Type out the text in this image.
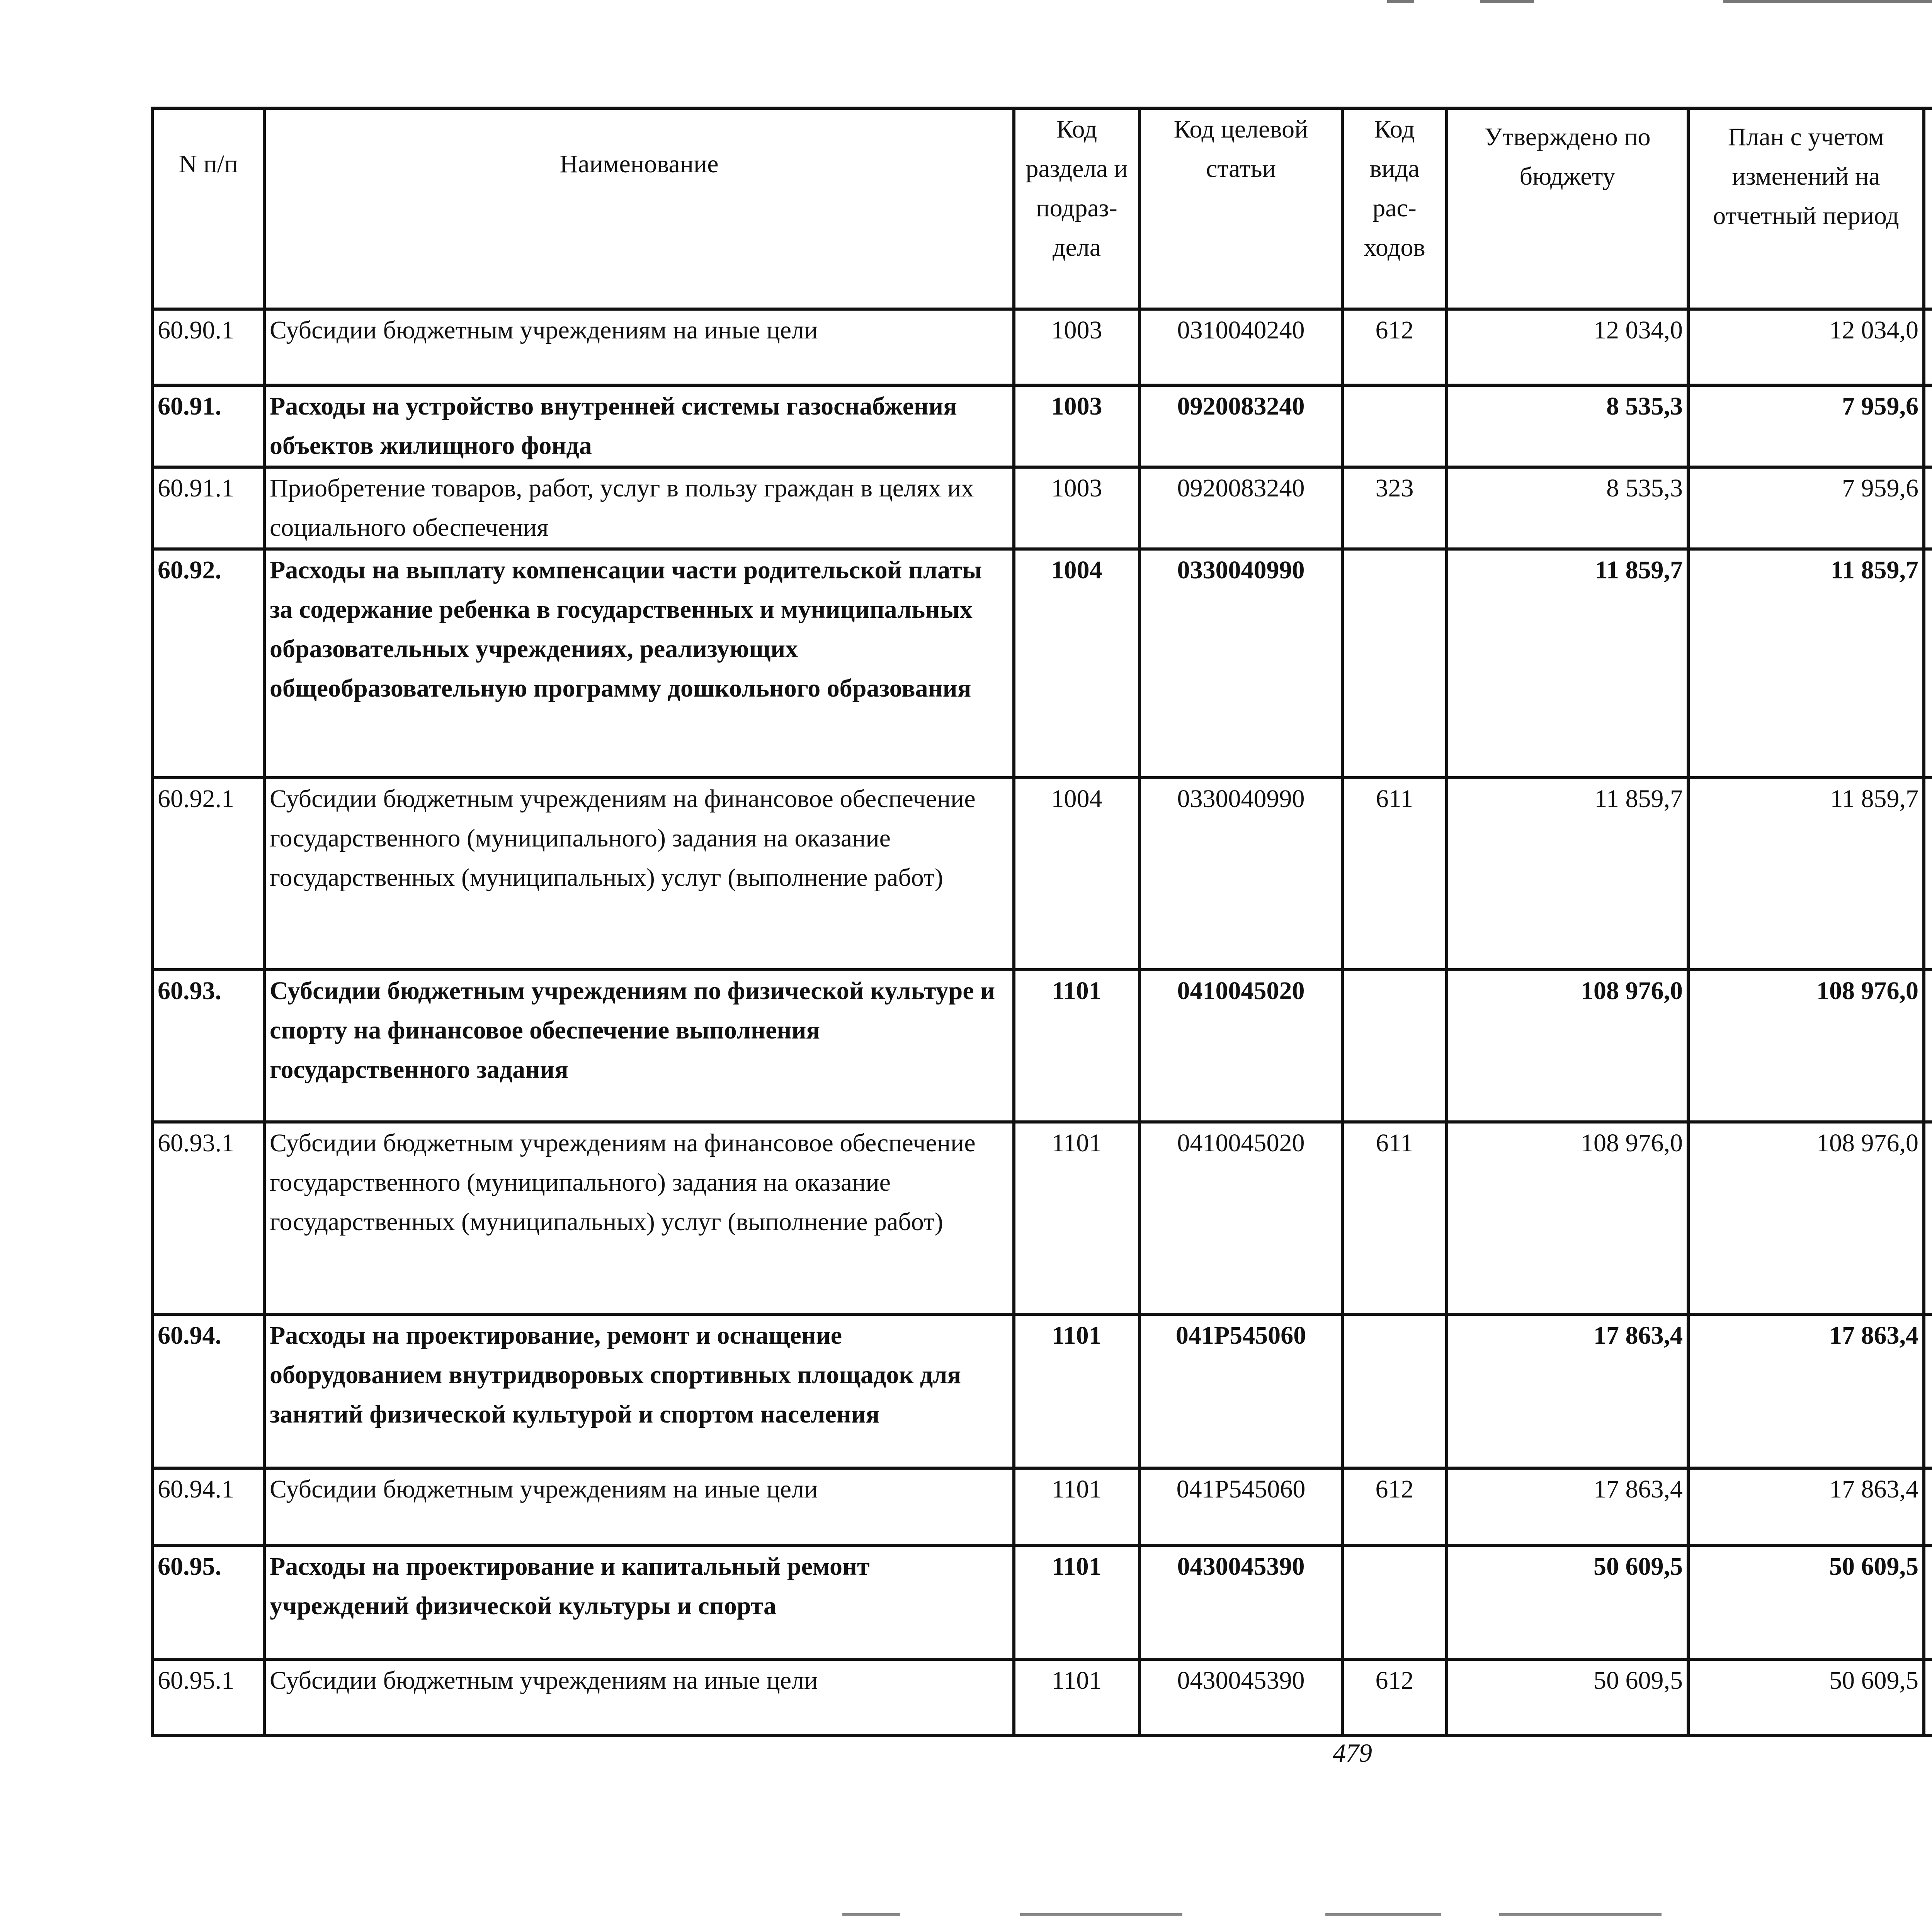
N п/п	Наименование	Код раздела и подраз-дела	Код целевой статьи	Код вида рас-ходов	Утверждено по бюджету	План с учетом изменений на отчетный период		

60.90.1	Субсидии бюджетным учреждениям на иные цели	1003	0310040240	612	12 034,0	12 034,0			
60.91.	Расходы на устройство внутренней системы газоснабжения объектов жилищного фонда	1003	0920083240		8 535,3	7 959,6			
60.91.1	Приобретение товаров, работ, услуг в пользу граждан в целях их социального обеспечения	1003	0920083240	323	8 535,3	7 959,6			
60.92.	Расходы на выплату компенсации части родительской платы за содержание ребенка в государственных и муниципальных образовательных учреждениях, реализующих общеобразовательную программу дошкольного образования	1004	0330040990		11 859,7	11 859,7			
60.92.1	Субсидии бюджетным учреждениям на финансовое обеспечение государственного (муниципального) задания на оказание государственных (муниципальных) услуг (выполнение работ)	1004	0330040990	611	11 859,7	11 859,7			
60.93.	Субсидии бюджетным учреждениям по физической культуре и спорту на финансовое обеспечение выполнения государственного задания	1101	0410045020		108 976,0	108 976,0			
60.93.1	Субсидии бюджетным учреждениям на финансовое обеспечение государственного (муниципального) задания на оказание государственных (муниципальных) услуг (выполнение работ)	1101	0410045020	611	108 976,0	108 976,0			
60.94.	Расходы на проектирование, ремонт и оснащение оборудованием внутридворовых спортивных площадок для занятий физической культурой и спортом населения	1101	041Р545060		17 863,4	17 863,4			
60.94.1	Субсидии бюджетным учреждениям на иные цели	1101	041Р545060	612	17 863,4	17 863,4			
60.95.	Расходы на проектирование и капитальный ремонт учреждений физической культуры и спорта	1101	0430045390		50 609,5	50 609,5			
60.95.1	Субсидии бюджетным учреждениям на иные цели	1101	0430045390	612	50 609,5	50 609,5			
479
